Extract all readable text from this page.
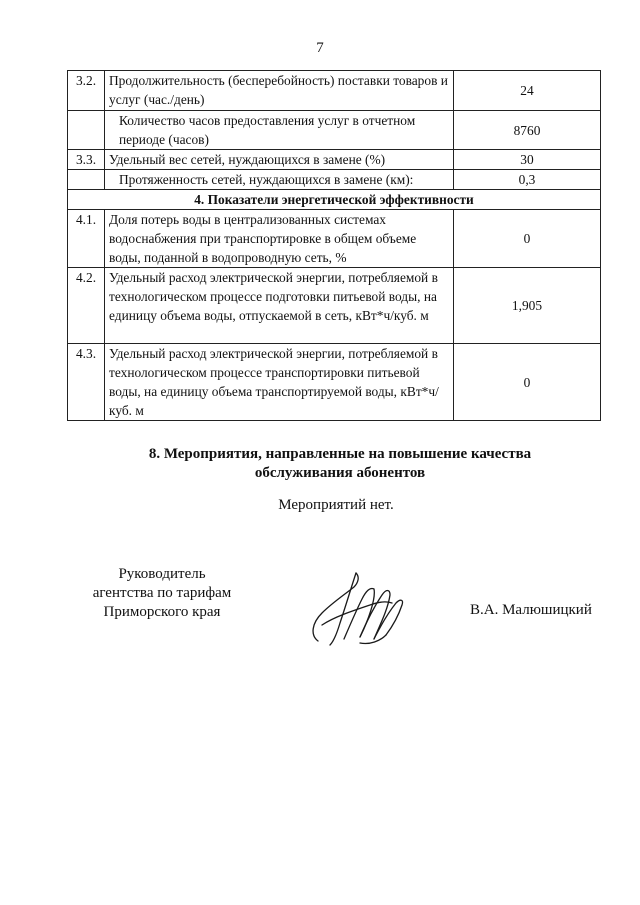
7
3.2.	Продолжительность (бесперебойность) поставки товаров и услуг (час./день)	24
	Количество часов предоставления услуг в отчетном периоде (часов)	8760
3.3.	Удельный вес сетей, нуждающихся в замене (%)	30
	Протяженность сетей, нуждающихся в замене (км):	0,3
4. Показатели энергетической эффективности		
4.1.	Доля потерь воды в централизованных системах водоснабжения при транспортировке в общем объеме воды, поданной в водопроводную сеть, %	0
4.2.	Удельный расход электрической энергии, потребляемой в технологическом процессе подготовки питьевой воды, на единицу объема воды, отпускаемой в сеть, кВт*ч/куб. м	1,905
4.3.	Удельный расход электрической энергии, потребляемой в технологическом процессе транспортировки питьевой воды, на единицу объема транспортируемой воды, кВт*ч/куб. м	0
8. Мероприятия, направленные на повышение качества
обслуживания абонентов
Мероприятий нет.
Руководитель
агентства по тарифам
Приморского края	В.А. Малюшицкий
